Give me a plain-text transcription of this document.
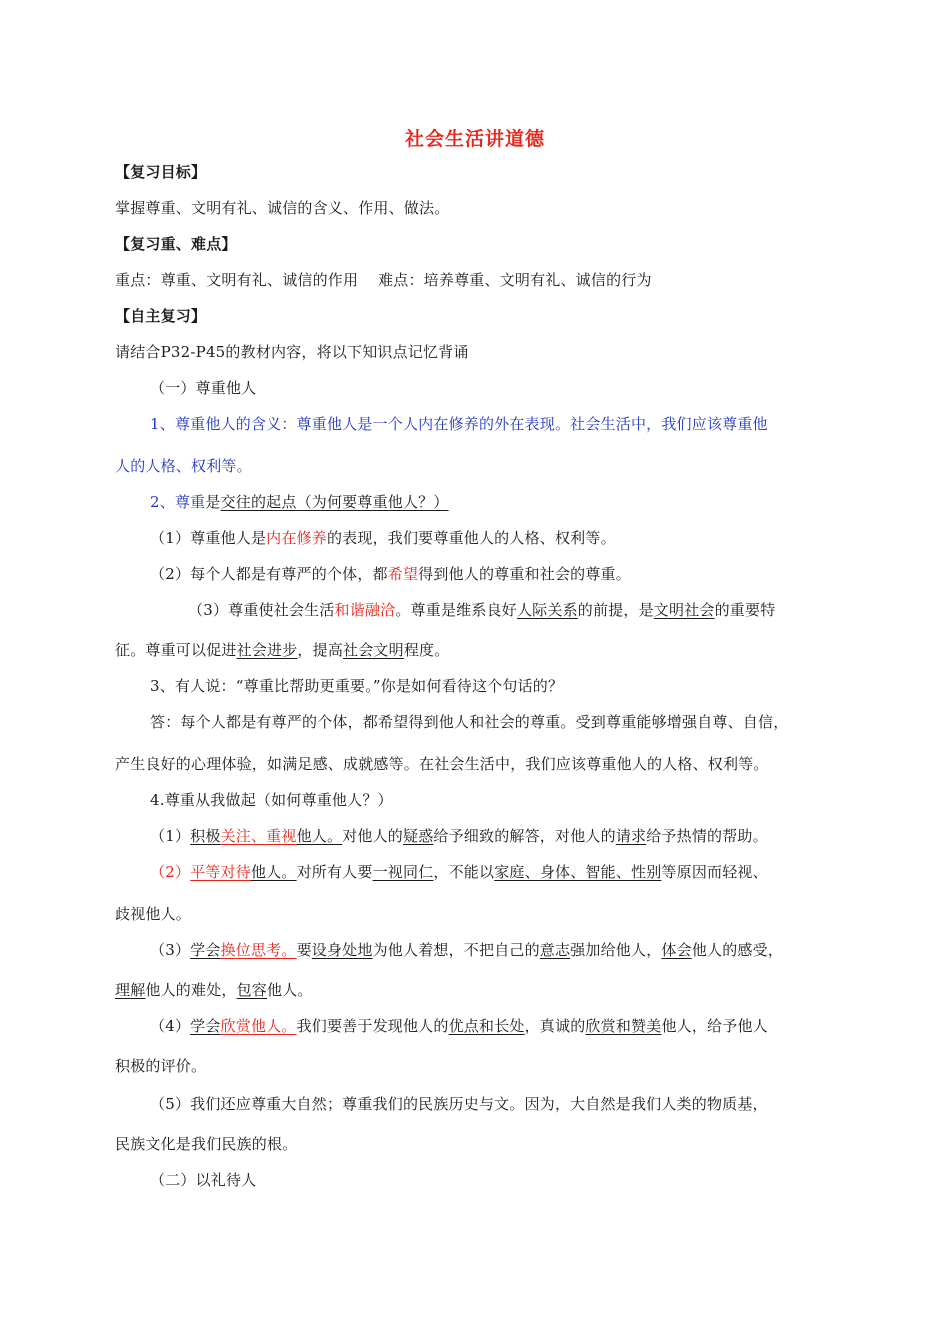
社会生活讲道德
【复习目标】
掌握尊重、文明有礼、诚信的含义、作用、做法。
【复习重、难点】
重点：尊重、文明有礼、诚信的作用    难点：培养尊重、文明有礼、诚信的行为
【自主复习】
请结合P32-P45的教材内容，将以下知识点记忆背诵
（一）尊重他人
1、尊重他人的含义：尊重他人是一个人内在修养的外在表现。社会生活中，我们应该尊重他
人的人格、权利等。
2、尊重是交往的起点（为何要尊重他人？）
（1）尊重他人是内在修养的表现，我们要尊重他人的人格、权利等。
（2）每个人都是有尊严的个体，都希望得到他人的尊重和社会的尊重。
（3）尊重使社会生活和谐融洽。尊重是维系良好人际关系的前提，是文明社会的重要特
征。尊重可以促进社会进步，提高社会文明程度。
3、有人说：“尊重比帮助更重要。”你是如何看待这个句话的？
答：每个人都是有尊严的个体，都希望得到他人和社会的尊重。受到尊重能够增强自尊、自信，
产生良好的心理体验，如满足感、成就感等。在社会生活中，我们应该尊重他人的人格、权利等。
4.尊重从我做起（如何尊重他人？）
（1）积极关注、重视他人。对他人的疑惑给予细致的解答，对他人的请求给予热情的帮助。
（2）平等对待他人。对所有人要一视同仁，不能以家庭、身体、智能、性别等原因而轻视、
歧视他人。
（3）学会换位思考。要设身处地为他人着想，不把自己的意志强加给他人，体会他人的感受，
理解他人的难处，包容他人。
（4）学会欣赏他人。我们要善于发现他人的优点和长处，真诚的欣赏和赞美他人，给予他人
积极的评价。
（5）我们还应尊重大自然；尊重我们的民族历史与文。因为，大自然是我们人类的物质基，
民族文化是我们民族的根。
（二）以礼待人
